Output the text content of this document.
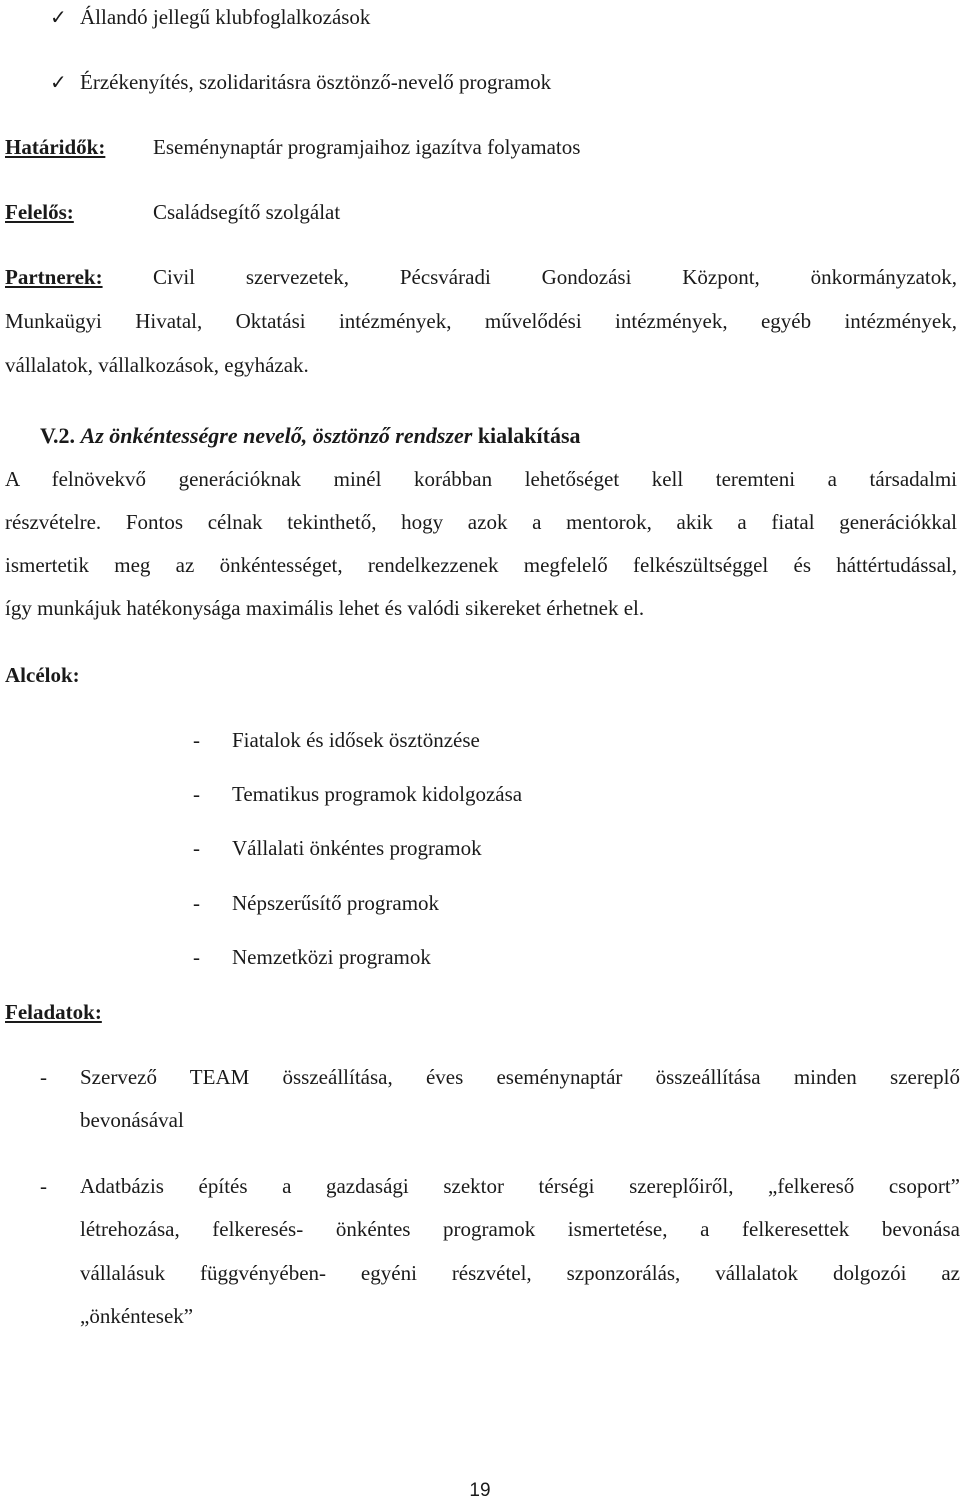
✓ Állandó jellegű klubfoglalkozások
✓ Érzékenyítés, szolidaritásra ösztönző-nevelő programok
Határidők: Eseménynaptár programjaihoz igazítva folyamatos
Felelős:	Családsegítő szolgálat
Partnerek: Civil szervezetek, Pécsváradi Gondozási Központ, önkormányzatok,
Munkaügyi Hivatal, Oktatási intézmények, művelődési intézmények, egyéb intézmények,
vállalatok, vállalkozások, egyházak.
V.2. Az önkéntességre nevelő, ösztönző rendszer kialakítása
A felnövekvő generációknak minél korábban lehetőséget kell teremteni a társadalmi
részvételre. Fontos célnak tekinthető, hogy azok a mentorok, akik a fiatal generációkkal
ismertetik meg az önkéntességet, rendelkezzenek megfelelő felkészültséggel és háttértudással,
így munkájuk hatékonysága maximális lehet és valódi sikereket érhetnek el.
Alcélok:
- Fiatalok és idősek ösztönzése
- Tematikus programok kidolgozása
- Vállalati önkéntes programok
- Népszerűsítő programok
- Nemzetközi programok
Feladatok:
- Szervező TEAM összeállítása, éves eseménynaptár összeállítása minden szereplő
bevonásával
- Adatbázis építés a gazdasági szektor térségi szereplőiről, „felkereső csoport”
létrehozása, felkeresés- önkéntes programok ismertetése, a felkeresettek bevonása
vállalásuk függvényében- egyéni részvétel, szponzorálás, vállalatok dolgozói az
„önkéntesek”
19
